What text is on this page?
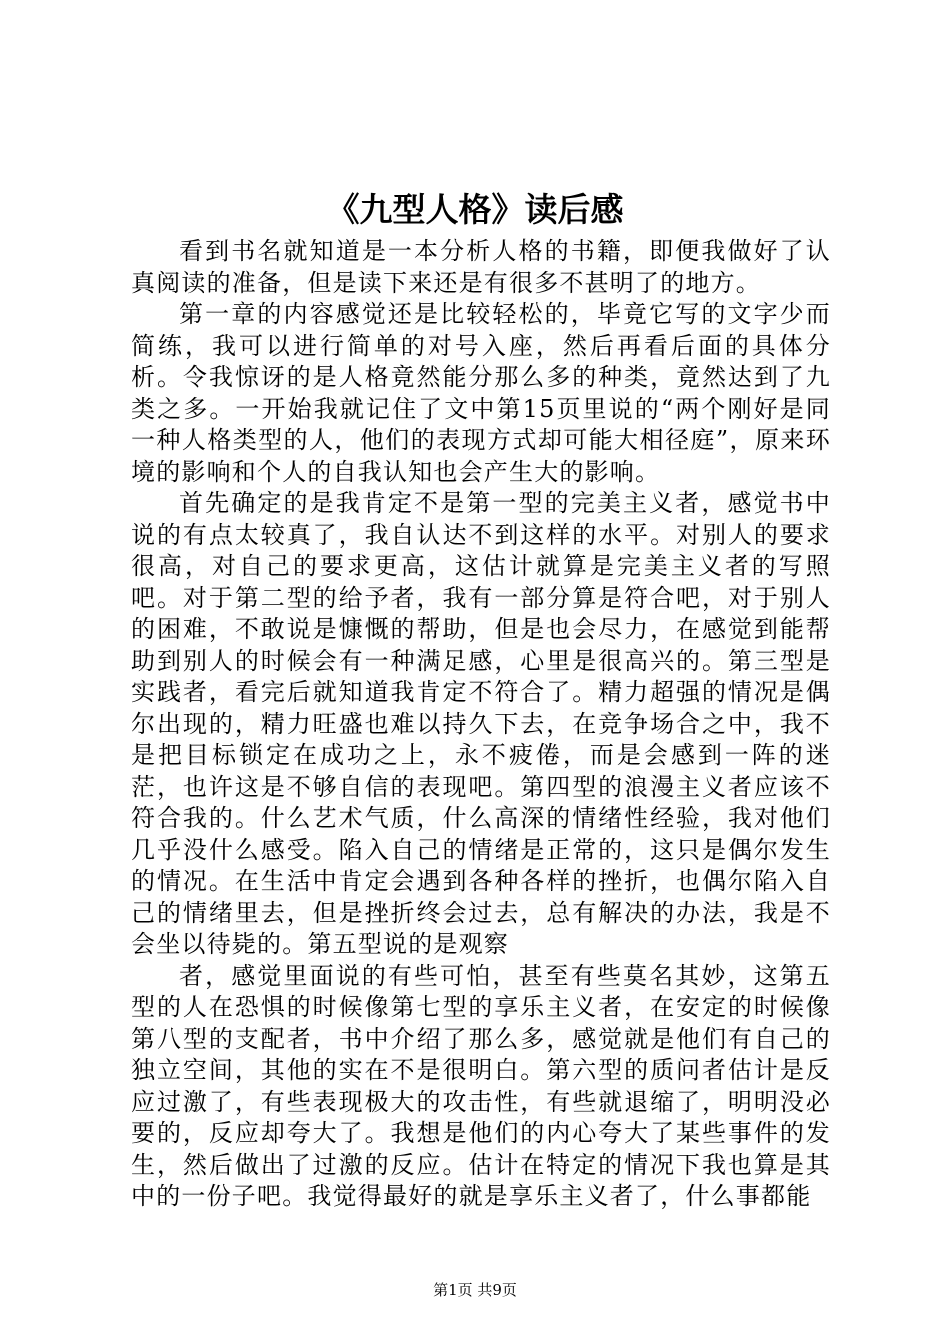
《九型人格》读后感

看到书名就知道是一本分析人格的书籍，即便我做好了认真阅读的准备，但是读下来还是有很多不甚明了的地方。

第一章的内容感觉还是比较轻松的，毕竟它写的文字少而简练，我可以进行简单的对号入座，然后再看后面的具体分析。令我惊讶的是人格竟然能分那么多的种类，竟然达到了九类之多。一开始我就记住了文中第15页里说的“两个刚好是同一种人格类型的人，他们的表现方式却可能大相径庭”，原来环境的影响和个人的自我认知也会产生大的影响。

首先确定的是我肯定不是第一型的完美主义者，感觉书中说的有点太较真了，我自认达不到这样的水平。对别人的要求很高，对自己的要求更高，这估计就算是完美主义者的写照吧。对于第二型的给予者，我有一部分算是符合吧，对于别人的困难，不敢说是慷慨的帮助，但是也会尽力，在感觉到能帮助到别人的时候会有一种满足感，心里是很高兴的。第三型是实践者，看完后就知道我肯定不符合了。精力超强的情况是偶尔出现的，精力旺盛也难以持久下去，在竞争场合之中，我不是把目标锁定在成功之上，永不疲倦，而是会感到一阵的迷茫，也许这是不够自信的表现吧。第四型的浪漫主义者应该不符合我的。什么艺术气质，什么高深的情绪性经验，我对他们几乎没什么感受。陷入自己的情绪是正常的，这只是偶尔发生的情况。在生活中肯定会遇到各种各样的挫折，也偶尔陷入自己的情绪里去，但是挫折终会过去，总有解决的办法，我是不会坐以待毙的。第五型说的是观察

者，感觉里面说的有些可怕，甚至有些莫名其妙，这第五型的人在恐惧的时候像第七型的享乐主义者，在安定的时候像第八型的支配者，书中介绍了那么多，感觉就是他们有自己的独立空间，其他的实在不是很明白。第六型的质问者估计是反应过激了，有些表现极大的攻击性，有些就退缩了，明明没必要的，反应却夸大了。我想是他们的内心夸大了某些事件的发生，然后做出了过激的反应。估计在特定的情况下我也算是其中的一份子吧。我觉得最好的就是享乐主义者了，什么事都能

第1页 共9页
